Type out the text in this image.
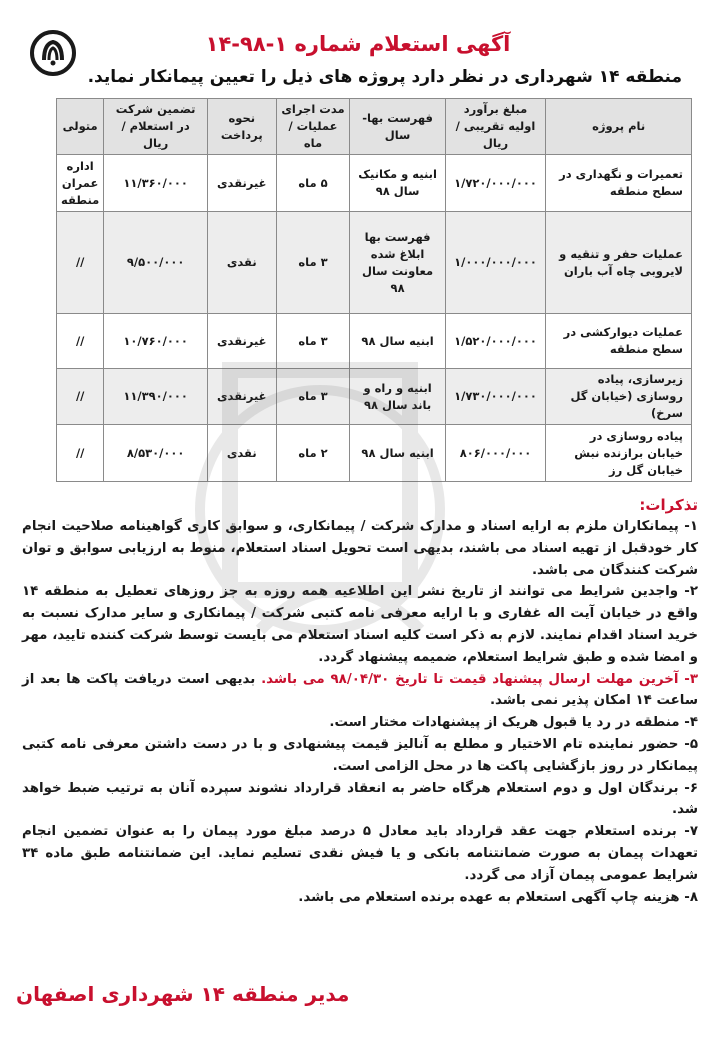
آگهی استعلام شماره ۱-۹۸-۱۴
منطقه ۱۴ شهرداری در نظر دارد پروژه های ذیل را تعیین پیمانکار نماید.
نام پروژه	مبلغ برآورد اولیه تقریبی / ریال	فهرست بها- سال	مدت اجرای عملیات / ماه	نحوه پرداخت	تضمین شرکت در استعلام / ریال	متولی
تعمیرات و نگهداری در سطح منطقه	۱/۷۲۰/۰۰۰/۰۰۰	ابنیه و مکانیک سال ۹۸	۵ ماه	غیرنقدی	۱۱/۳۶۰/۰۰۰	اداره عمران منطقه
عملیات حفر و تنقیه و لایروبی چاه آب باران	۱/۰۰۰/۰۰۰/۰۰۰	فهرست بها ابلاغ شده معاونت سال ۹۸	۳ ماه	نقدی	۹/۵۰۰/۰۰۰	//
عملیات دیوارکشی در سطح منطقه	۱/۵۲۰/۰۰۰/۰۰۰	ابنیه سال ۹۸	۳ ماه	غیرنقدی	۱۰/۷۶۰/۰۰۰	//
زیرسازی، پیاده روسازی (خیابان گل سرخ)	۱/۷۳۰/۰۰۰/۰۰۰	ابنیه و راه و باند سال ۹۸	۳ ماه	غیرنقدی	۱۱/۳۹۰/۰۰۰	//
پیاده روسازی در خیابان برازنده نبش خیابان گل رز	۸۰۶/۰۰۰/۰۰۰	ابنیه سال ۹۸	۲ ماه	نقدی	۸/۵۳۰/۰۰۰	//
تذکرات:

۱- پیمانکاران ملزم به ارایه اسناد و مدارک شرکت / پیمانکاری، و سوابق کاری گواهینامه صلاحیت انجام کار خودقبل از تهیه اسناد می باشند، بدیهی است تحویل اسناد استعلام، منوط به ارزیابی سوابق و توان شرکت کنندگان می باشد.

۲- واجدین شرایط می توانند از تاریخ نشر این اطلاعیه همه روزه به جز روزهای تعطیل به منطقه ۱۴ واقع در خیابان آیت اله غفاری و با ارایه معرفی نامه کتبی شرکت / پیمانکاری و سایر مدارک نسبت به خرید اسناد اقدام نمایند. لازم به ذکر است کلیه اسناد استعلام می بایست توسط شرکت کننده تایید، مهر و امضا شده و طبق شرایط استعلام، ضمیمه پیشنهاد گردد.

۳- آخرین مهلت ارسال پیشنهاد قیمت تا تاریخ ۹۸/۰۴/۳۰ می باشد. بدیهی است دریافت پاکت ها بعد از ساعت ۱۴ امکان پذیر نمی باشد.

۴- منطقه در رد یا قبول هریک از پیشنهادات مختار است.

۵- حضور نماینده تام الاختیار و مطلع به آنالیز قیمت پیشنهادی و با در دست داشتن معرفی نامه کتبی پیمانکار در روز بازگشایی پاکت ها در محل الزامی است.

۶- برندگان اول و دوم استعلام هرگاه حاضر به انعقاد قرارداد نشوند سپرده آنان به ترتیب ضبط خواهد شد.

۷- برنده استعلام جهت عقد قرارداد باید معادل ۵ درصد مبلغ مورد پیمان را به عنوان تضمین انجام تعهدات پیمان به صورت ضمانتنامه بانکی و یا فیش نقدی تسلیم نماید. این ضمانتنامه طبق ماده ۳۴ شرایط عمومی پیمان آزاد می گردد.

۸- هزینه چاپ آگهی استعلام به عهده برنده استعلام می باشد.

مدیر منطقه ۱۴ شهرداری اصفهان
